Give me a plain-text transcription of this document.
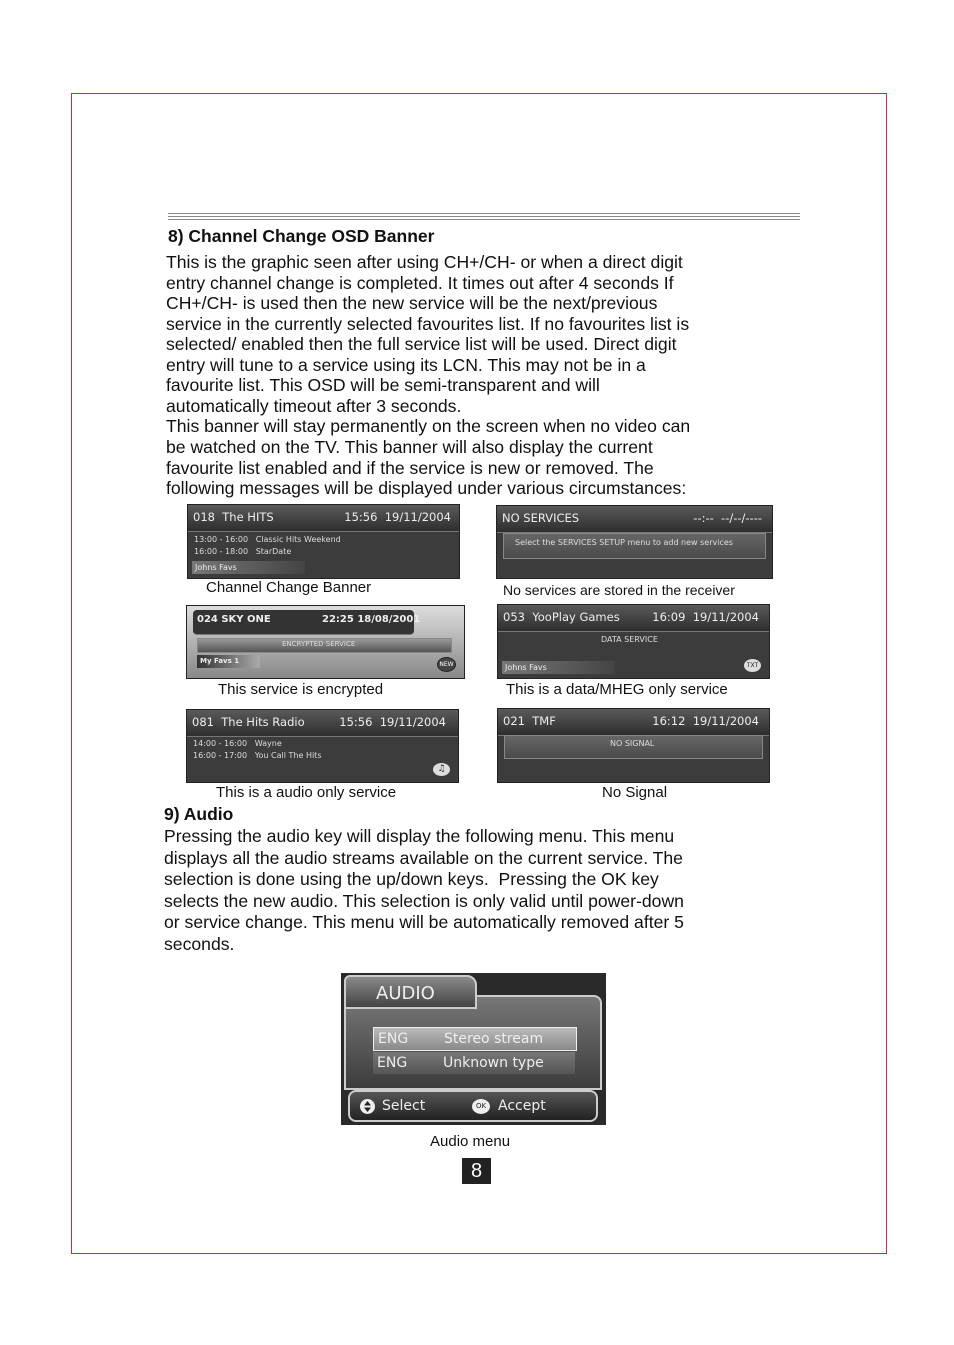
8) Channel Change OSD Banner
This is the graphic seen after using CH+/CH- or when a direct digit
entry channel change is completed. It times out after 4 seconds If
CH+/CH- is used then the new service will be the next/previous
service in the currently selected favourites list. If no favourites list is
selected/ enabled then the full service list will be used. Direct digit
entry will tune to a service using its LCN. This may not be in a
favourite list. This OSD will be semi-transparent and will
automatically timeout after 3 seconds.
This banner will stay permanently on the screen when no video can
be watched on the TV. This banner will also display the current
favourite list enabled and if the service is new or removed. The
following messages will be displayed under various circumstances:
018  The HITS	15:56  19/11/2004
13:00 - 16:00   Classic Hits Weekend
16:00 - 18:00   StarDate
Johns Favs
Channel Change Banner
NO SERVICES	--:--  --/--/----
Select the SERVICES SETUP menu to add new services
No services are stored in the receiver
024 SKY ONE	22:25 18/08/2001
ENCRYPTED SERVICE
My Favs 1	NEW
This service is encrypted
053  YooPlay Games	16:09  19/11/2004
DATA SERVICE
Johns Favs	TXT
This is a data/MHEG only service
081  The Hits Radio	15:56  19/11/2004
14:00 - 16:00   Wayne
16:00 - 17:00   You Call The Hits
♫
This is a audio only service
021  TMF	16:12  19/11/2004
NO SIGNAL
No Signal
9) Audio
Pressing the audio key will display the following menu. This menu
displays all the audio streams available on the current service. The
selection is done using the up/down keys.  Pressing the OK key
selects the new audio. This selection is only valid until power-down
or service change. This menu will be automatically removed after 5
seconds.
ENG	Stereo stream
ENG	Unknown type
AUDIO
Select	OK Accept
Audio menu
8
